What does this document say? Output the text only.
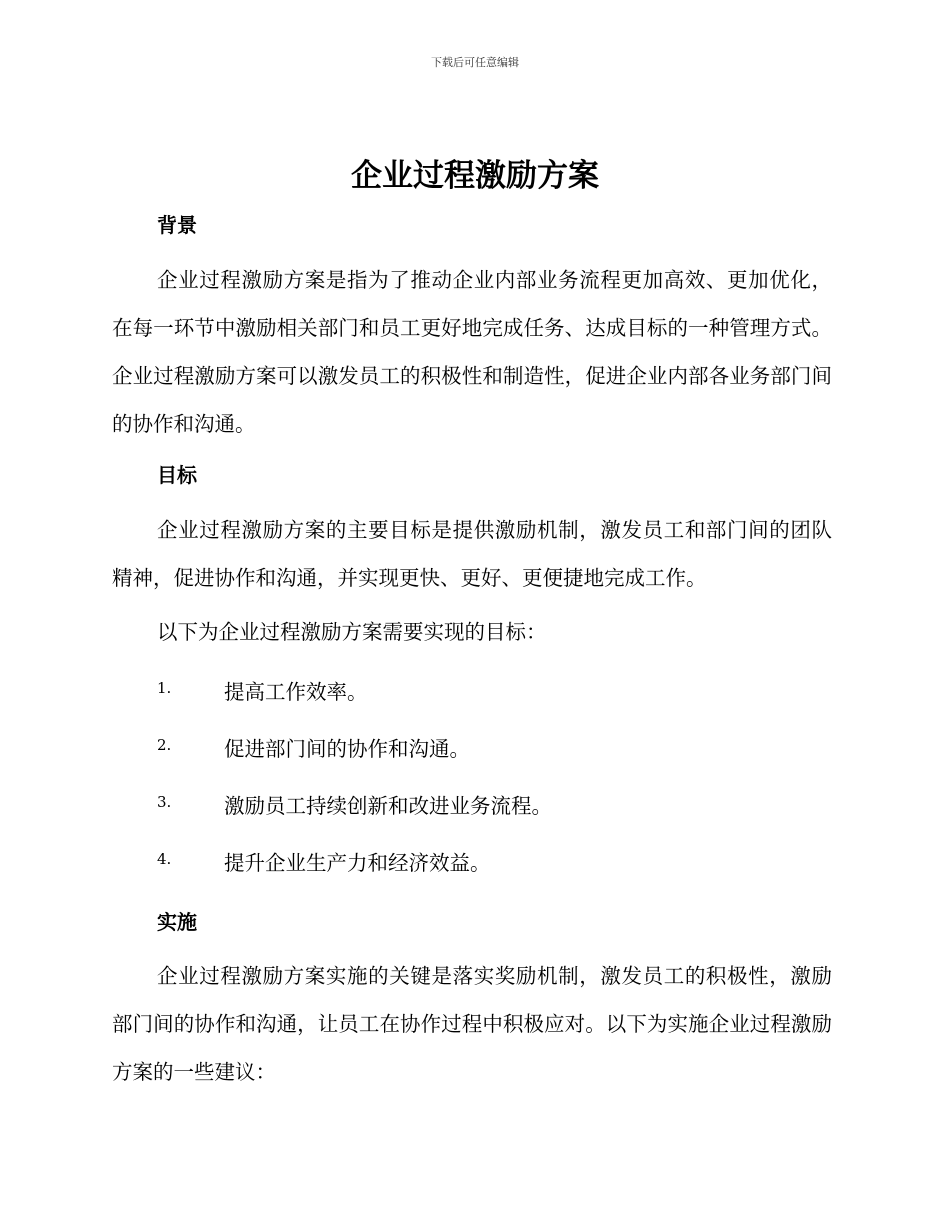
下载后可任意编辑
企业过程激励方案
背景

企业过程激励方案是指为了推动企业内部业务流程更加高效、更加优化，在每一环节中激励相关部门和员工更好地完成任务、达成目标的一种管理方式。企业过程激励方案可以激发员工的积极性和制造性，促进企业内部各业务部门间的协作和沟通。

目标

企业过程激励方案的主要目标是提供激励机制，激发员工和部门间的团队精神，促进协作和沟通，并实现更快、更好、更便捷地完成工作。

以下为企业过程激励方案需要实现的目标：
1.	提高工作效率。
2.	促进部门间的协作和沟通。
3.	激励员工持续创新和改进业务流程。
4.	提升企业生产力和经济效益。
实施

企业过程激励方案实施的关键是落实奖励机制，激发员工的积极性，激励部门间的协作和沟通，让员工在协作过程中积极应对。以下为实施企业过程激励方案的一些建议：
